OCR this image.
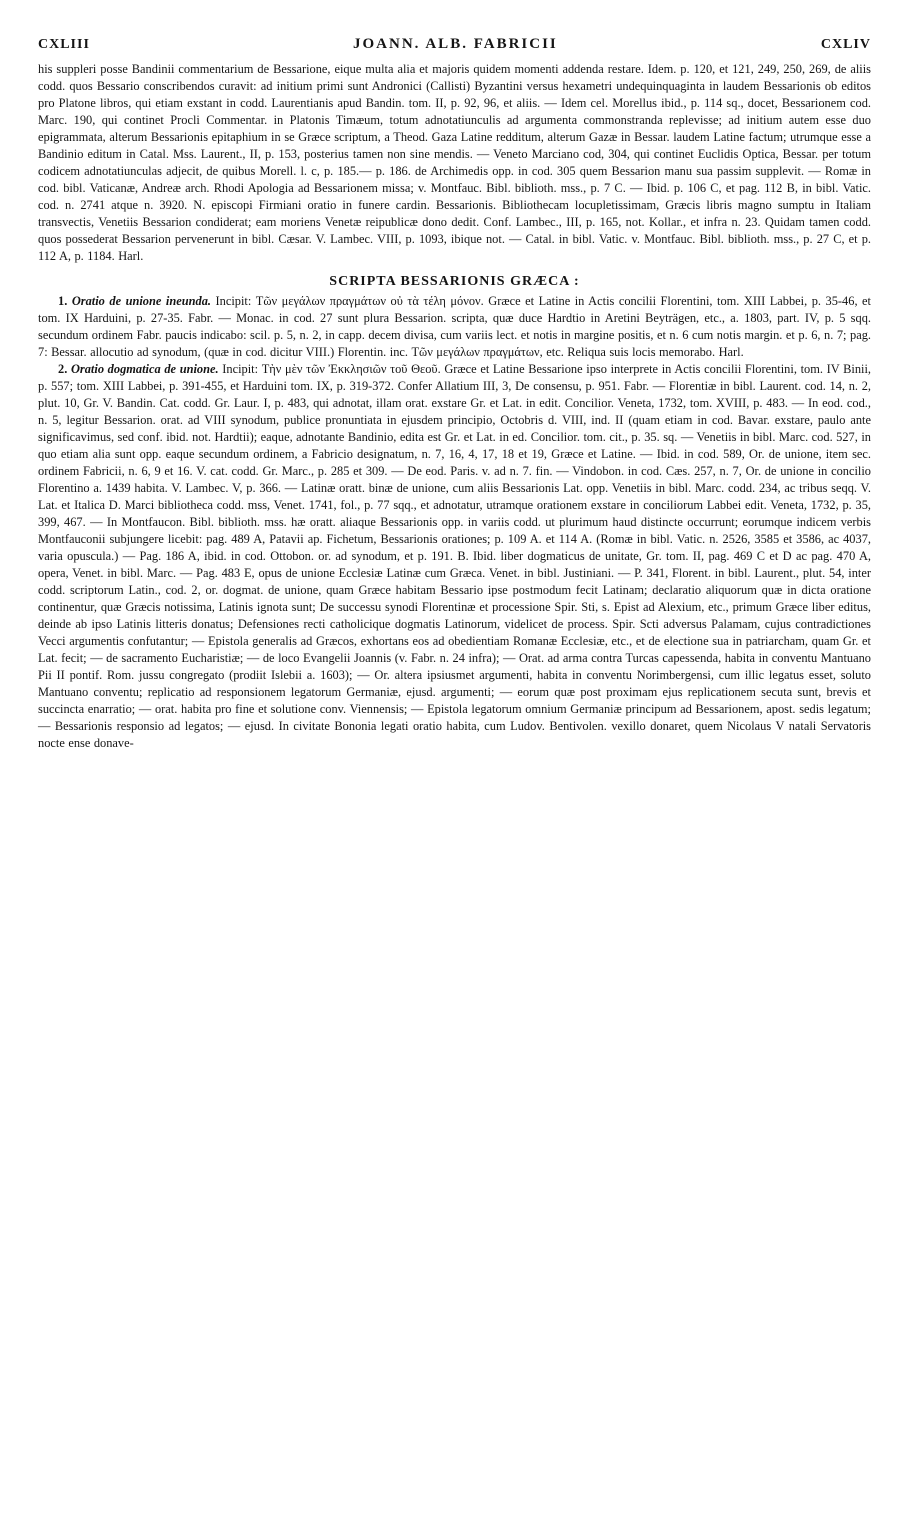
CXLIII	JOANN. ALB. FABRICII	CXLIV

his suppleri posse Bandinii commentarium de Bessarione, eique multa alia et majoris quidem momenti addenda restare. Idem. p. 120, et 121, 249, 250, 269, de aliis codd. quos Bessario conscribendos curavit: ad initium primi sunt Andronici (Callisti) Byzantini versus hexametri undequinquaginta in laudem Bessarionis ob editos pro Platone libros, qui etiam exstant in codd. Laurentianis apud Bandin. tom. II, p. 92, 96, et aliis. — Idem cel. Morellus ibid., p. 114 sq., docet, Bessarionem cod. Marc. 190, qui continet Procli Commentar. in Platonis Timæum, totum adnotatiunculis ad argumenta commonstranda replevisse; ad initium autem esse duo epigrammata, alterum Bessarionis epitaphium in se Græce scriptum, a Theod. Gaza Latine redditum, alterum Gazæ in Bessar. laudem Latine factum; utrumque esse a Bandinio editum in Catal. Mss. Laurent., II, p. 153, posterius tamen non sine mendis. — Veneto Marciano cod, 304, qui continet Euclidis Optica, Bessar. per totum codicem adnotatiunculas adjecit, de quibus Morell. l. c, p. 185.— p. 186. de Archimedis opp. in cod. 305 quem Bessarion manu sua passim supplevit. — Romæ in cod. bibl. Vaticanæ, Andreæ arch. Rhodi Apologia ad Bessarionem missa; v. Montfauc. Bibl. biblioth. mss., p. 7 C. — Ibid. p. 106 C, et pag. 112 B, in bibl. Vatic. cod. n. 2741 atque n. 3920. N. episcopi Firmiani oratio in funere cardin. Bessarionis. Bibliothecam locupletissimam, Græcis libris magno sumptu in Italiam transvectis, Venetiis Bessarion condiderat; eam moriens Venetæ reipublicæ dono dedit. Conf. Lambec., III, p. 165, not. Kollar., et infra n. 23. Quidam tamen codd. quos possederat Bessarion pervenerunt in bibl. Cæsar. V. Lambec. VIII, p. 1093, ibique not. — Catal. in bibl. Vatic. v. Montfauc. Bibl. biblioth. mss., p. 27 C, et p. 112 A, p. 1184. Harl.

SCRIPTA BESSARIONIS GRÆCA :

1. Oratio de unione ineunda. Incipit: Τῶν μεγάλων πραγμάτων οὐ τὰ τέλη μόνον. Græce et Latine in Actis concilii Florentini, tom. XIII Labbei, p. 35-46, et tom. IX Harduini, p. 27-35. Fabr. — Monac. in cod. 27 sunt plura Bessarion. scripta, quæ duce Hardtio in Aretini Beyträgen, etc., a. 1803, part. IV, p. 5 sqq. secundum ordinem Fabr. paucis indicabo: scil. p. 5, n. 2, in capp. decem divisa, cum variis lect. et notis in margine positis, et n. 6 cum notis margin. et p. 6, n. 7; pag. 7: Bessar. allocutio ad synodum, (quæ in cod. dicitur VIII.) Florentin. inc. Τῶν μεγάλων πραγμάτων, etc. Reliqua suis locis memorabo. Harl.

2. Oratio dogmatica de unione. Incipit: Τὴν μὲν τῶν Ἐκκλησιῶν τοῦ Θεοῦ. Græce et Latine Bessarione ipso interprete in Actis concilii Florentini, tom. IV Binii, p. 557; tom. XIII Labbei, p. 391-455, et Harduini tom. IX, p. 319-372. Confer Allatium III, 3, De consensu, p. 951. Fabr. — Florentiæ in bibl. Laurent. cod. 14, n. 2, plut. 10, Gr. V. Bandin. Cat. codd. Gr. Laur. I, p. 483, qui adnotat, illam orat. exstare Gr. et Lat. in edit. Concilior. Veneta, 1732, tom. XVIII, p. 483. — In eod. cod., n. 5, legitur Bessarion. orat. ad VIII synodum, publice pronuntiata in ejusdem principio, Octobris d. VIII, ind. II (quam etiam in cod. Bavar. exstare, paulo ante significavimus, sed conf. ibid. not. Hardtii); eaque, adnotante Bandinio, edita est Gr. et Lat. in ed. Concilior. tom. cit., p. 35. sq. — Venetiis in bibl. Marc. cod. 527, in quo etiam alia sunt opp. eaque secundum ordinem, a Fabricio designatum, n. 7, 16, 4, 17, 18 et 19, Græce et Latine. — Ibid. in cod. 589, Or. de unione, item sec. ordinem Fabricii, n. 6, 9 et 16. V. cat. codd. Gr. Marc., p. 285 et 309. — De eod. Paris. v. ad n. 7. fin. — Vindobon. in cod. Cæs. 257, n. 7, Or. de unione in concilio Florentino a. 1439 habita. V. Lambec. V, p. 366. — Latinæ oratt. binæ de unione, cum aliis Bessarionis Lat. opp. Venetiis in bibl. Marc. codd. 234, ac tribus seqq. V. Lat. et Italica D. Marci bibliotheca codd. mss, Venet. 1741, fol., p. 77 sqq., et adnotatur, utramque orationem exstare in conciliorum Labbei edit. Veneta, 1732, p. 35, 399, 467. — In Montfaucon. Bibl. biblioth. mss. hæ oratt. aliaque Bessarionis opp. in variis codd. ut plurimum haud distincte occurrunt; eorumque indicem verbis Montfauconii subjungere licebit: pag. 489 A, Patavii ap. Fichetum, Bessarionis orationes; p. 109 A. et 114 A. (Romæ in bibl. Vatic. n. 2526, 3585 et 3586, ac 4037, varia opuscula.) — Pag. 186 A, ibid. in cod. Ottobon. or. ad synodum, et p. 191. B. Ibid. liber dogmaticus de unitate, Gr. tom. II, pag. 469 C et D ac pag. 470 A, opera, Venet. in bibl. Marc. — Pag. 483 E, opus de unione Ecclesiæ Latinæ cum Græca. Venet. in bibl. Justiniani. — P. 341, Florent. in bibl. Laurent., plut. 54, inter codd. scriptorum Latin., cod. 2, or. dogmat. de unione, quam Græce habitam Bessario ipse postmodum fecit Latinam; declaratio aliquorum quæ in dicta oratione continentur, quæ Græcis notissima, Latinis ignota sunt; De successu synodi Florentinæ et processione Spir. Sti, s. Epist ad Alexium, etc., primum Græce liber editus, deinde ab ipso Latinis litteris donatus; Defensiones recti catholicique dogmatis Latinorum, videlicet de process. Spir. Scti adversus Palamam, cujus contradictiones Vecci argumentis confutantur; — Epistola generalis ad Græcos, exhortans eos ad obedientiam Romanæ Ecclesiæ, etc., et de electione sua in patriarcham, quam Gr. et Lat. fecit; — de sacramento Eucharistiæ; — de loco Evangelii Joannis (v. Fabr. n. 24 infra); — Orat. ad arma contra Turcas capessenda, habita in conventu Mantuano Pii II pontif. Rom. jussu congregato (prodiit Islebii a. 1603); — Or. altera ipsiusmet argumenti, habita in conventu Norimbergensi, cum illic legatus esset, soluto Mantuano conventu; replicatio ad responsionem legatorum Germaniæ, ejusd. argumenti; — eorum quæ post proximam ejus replicationem secuta sunt, brevis et succincta enarratio; — orat. habita pro fine et solutione conv. Viennensis; — Epistola legatorum omnium Germaniæ principum ad Bessarionem, apost. sedis legatum; — Bessarionis responsio ad legatos; — ejusd. In civitate Bononia legati oratio habita, cum Ludov. Bentivolen. vexillo donaret, quem Nicolaus V natali Servatoris nocte ense donave-
